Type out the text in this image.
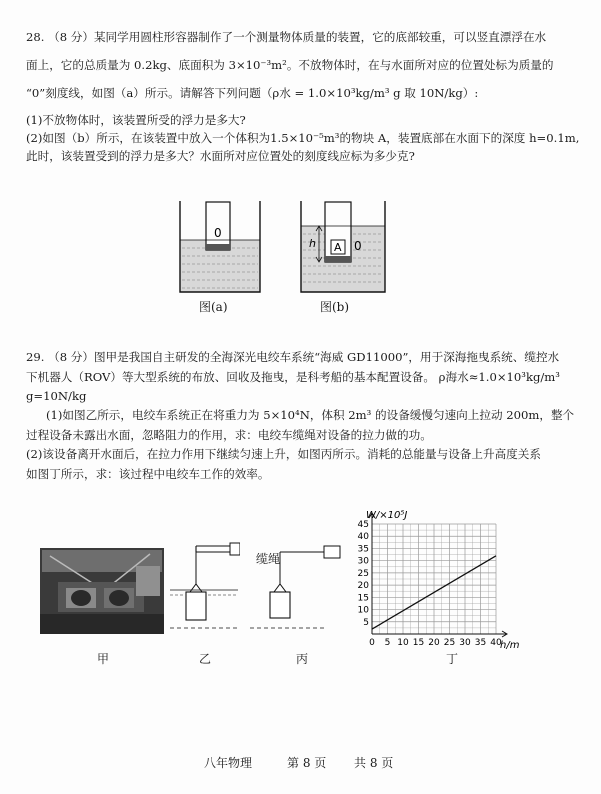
28. （8 分）某同学用圆柱形容器制作了一个测量物体质量的装置，它的底部较重，可以竖直漂浮在水
面上，它的总质量为 0.2kg、底面积为 3×10⁻³m²。不放物体时，在与水面所对应的位置处标为质量的
“0”刻度线，如图（a）所示。请解答下列问题（ρ水 = 1.0×10³kg/m³ g 取 10N/kg）:
(1)不放物体时，该装置所受的浮力是多大?
(2)如图（b）所示，在该装置中放入一个体积为1.5×10⁻⁵m³的物块 A，装置底部在水面下的深度 h=0.1m,
此时，该装置受到的浮力是多大？水面所对应位置处的刻度线应标为多少克?
0
图(a)
A 0
h
图(b)
29. （8 分）图甲是我国自主研发的全海深光电绞车系统“海威 GD11000”，用于深海拖曳系统、缆控水
下机器人（ROV）等大型系统的布放、回收及拖曳，是科考船的基本配置设备。 ρ海水≈1.0×10³kg/m³
g=10N/kg
(1)如图乙所示，电绞车系统正在将重力为 5×10⁴N，体积 2m³ 的设备缓慢匀速向上拉动 200m，整个
过程设备未露出水面，忽略阻力的作用，求：电绞车缆绳对设备的拉力做的功。
(2)该设备离开水面后，在拉力作用下继续匀速上升，如图丙所示。消耗的总能量与设备上升高度关系
如图丁所示，求：该过程中电绞车工作的效率。
甲	乙
缆绳
丙
0 5 10 15 20 25 30 35 40
5
10
15
20
25
30
35
40
45
W/×10⁵J
h/m
丁
八年物理	第 8 页 共 8 页
